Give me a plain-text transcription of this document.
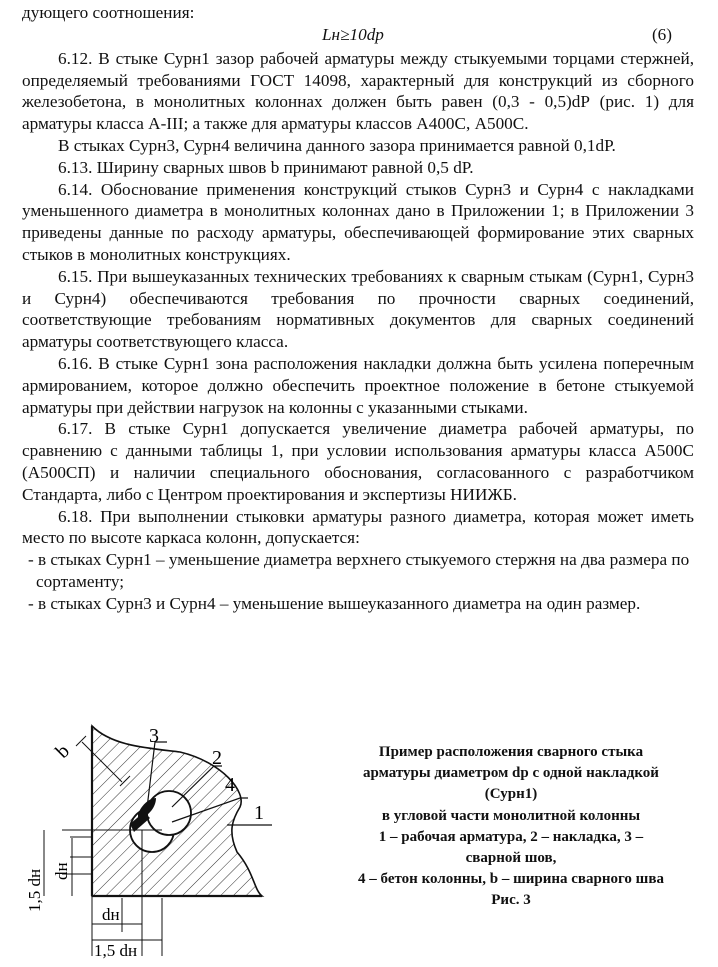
дующего соотношения:

Lн≥10dр	(6)

6.12. В стыке Сурн1 зазор рабочей арматуры между стыкуемыми торцами стержней, определяемый требованиями ГОСТ 14098, характерный для конструкций из сборного железобетона, в монолитных колоннах должен быть равен (0,3 - 0,5)dР (рис. 1) для арматуры класса А-III; а также для арматуры классов А400С, А500С.

В стыках Сурн3, Сурн4 величина данного зазора принимается равной 0,1dР.

6.13. Ширину сварных швов b принимают равной 0,5 dР.

6.14. Обоснование применения конструкций стыков Сурн3 и Сурн4 с накладками уменьшенного диаметра в монолитных колоннах дано в Приложении 1; в Приложении 3 приведены данные по расходу арматуры, обеспечивающей формирование этих сварных стыков в монолитных конструкциях.

6.15. При вышеуказанных технических требованиях к сварным стыкам (Сурн1, Сурн3 и Сурн4) обеспечиваются требования по прочности сварных соединений, соответствующие требованиям нормативных документов для сварных соединений арматуры соответствующего класса.

6.16. В стыке Сурн1 зона расположения накладки должна быть усилена поперечным армированием, которое должно обеспечить проектное положение в бетоне стыкуемой арматуры при действии нагрузок на колонны с указанными стыками.

6.17. В стыке Сурн1 допускается увеличение диаметра рабочей арматуры, по сравнению с данными таблицы 1, при условии использования арматуры класса А500С (А500СП) и наличии специального обоснования, согласованного с разработчиком Стандарта, либо с Центром проектирования и экспертизы НИИЖБ.

6.18. При выполнении стыковки арматуры разного диаметра, которая может иметь место по высоте каркаса колонн, допускается:

- в стыках Сурн1 – уменьшение диаметра верхнего стыкуемого стержня на два размера по сортаменту;

- в стыках Сурн3 и Сурн4 – уменьшение вышеуказанного диаметра на один размер.

b
3
2
4
1
1,5 dн dн
dн
1,5 dн
Пример расположения сварного стыка
арматуры диаметром dр с одной накладкой
(Сурн1)
в угловой части монолитной колонны
1 – рабочая арматура, 2 – накладка, 3 –
сварной шов,
4 – бетон колонны, b – ширина сварного шва
Рис. 3
